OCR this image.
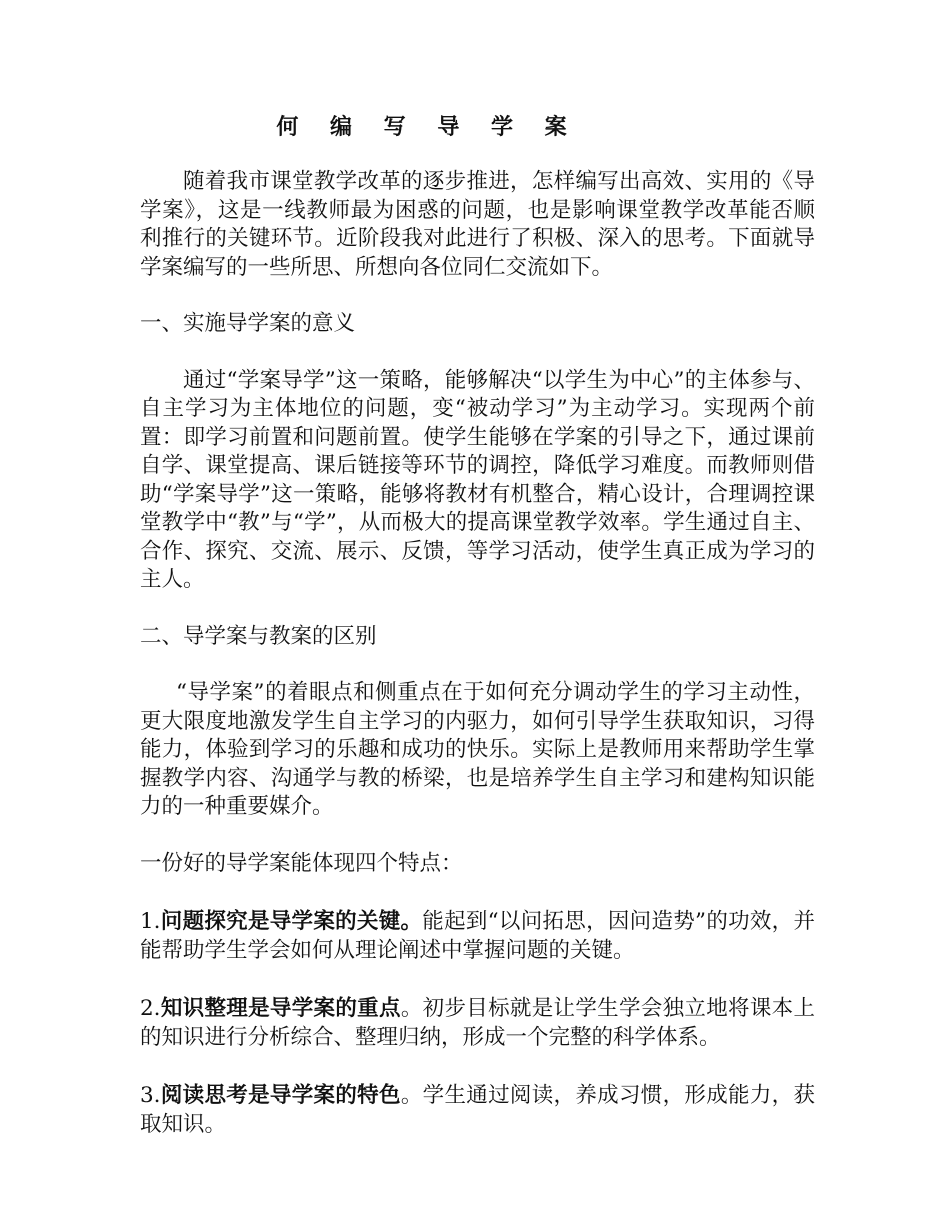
何 编 写 导 学 案

随着我市课堂教学改革的逐步推进，怎样编写出高效、实用的《导学案》，这是一线教师最为困惑的问题，也是影响课堂教学改革能否顺利推行的关键环节。近阶段我对此进行了积极、深入的思考。下面就导学案编写的一些所思、所想向各位同仁交流如下。

一、实施导学案的意义

通过“学案导学”这一策略，能够解决“以学生为中心”的主体参与、自主学习为主体地位的问题，变“被动学习”为主动学习。实现两个前置：即学习前置和问题前置。使学生能够在学案的引导之下，通过课前自学、课堂提高、课后链接等环节的调控，降低学习难度。而教师则借助“学案导学”这一策略，能够将教材有机整合，精心设计，合理调控课堂教学中“教”与“学”，从而极大的提高课堂教学效率。学生通过自主、合作、探究、交流、展示、反馈，等学习活动，使学生真正成为学习的主人。

二、导学案与教案的区别

“导学案”的着眼点和侧重点在于如何充分调动学生的学习主动性，更大限度地激发学生自主学习的内驱力，如何引导学生获取知识，习得能力，体验到学习的乐趣和成功的快乐。实际上是教师用来帮助学生掌握教学内容、沟通学与教的桥梁，也是培养学生自主学习和建构知识能力的一种重要媒介。

一份好的导学案能体现四个特点：

1.问题探究是导学案的关键。能起到“以问拓思，因问造势”的功效，并能帮助学生学会如何从理论阐述中掌握问题的关键。

2.知识整理是导学案的重点。初步目标就是让学生学会独立地将课本上的知识进行分析综合、整理归纳，形成一个完整的科学体系。

3.阅读思考是导学案的特色。学生通过阅读，养成习惯，形成能力，获取知识。
